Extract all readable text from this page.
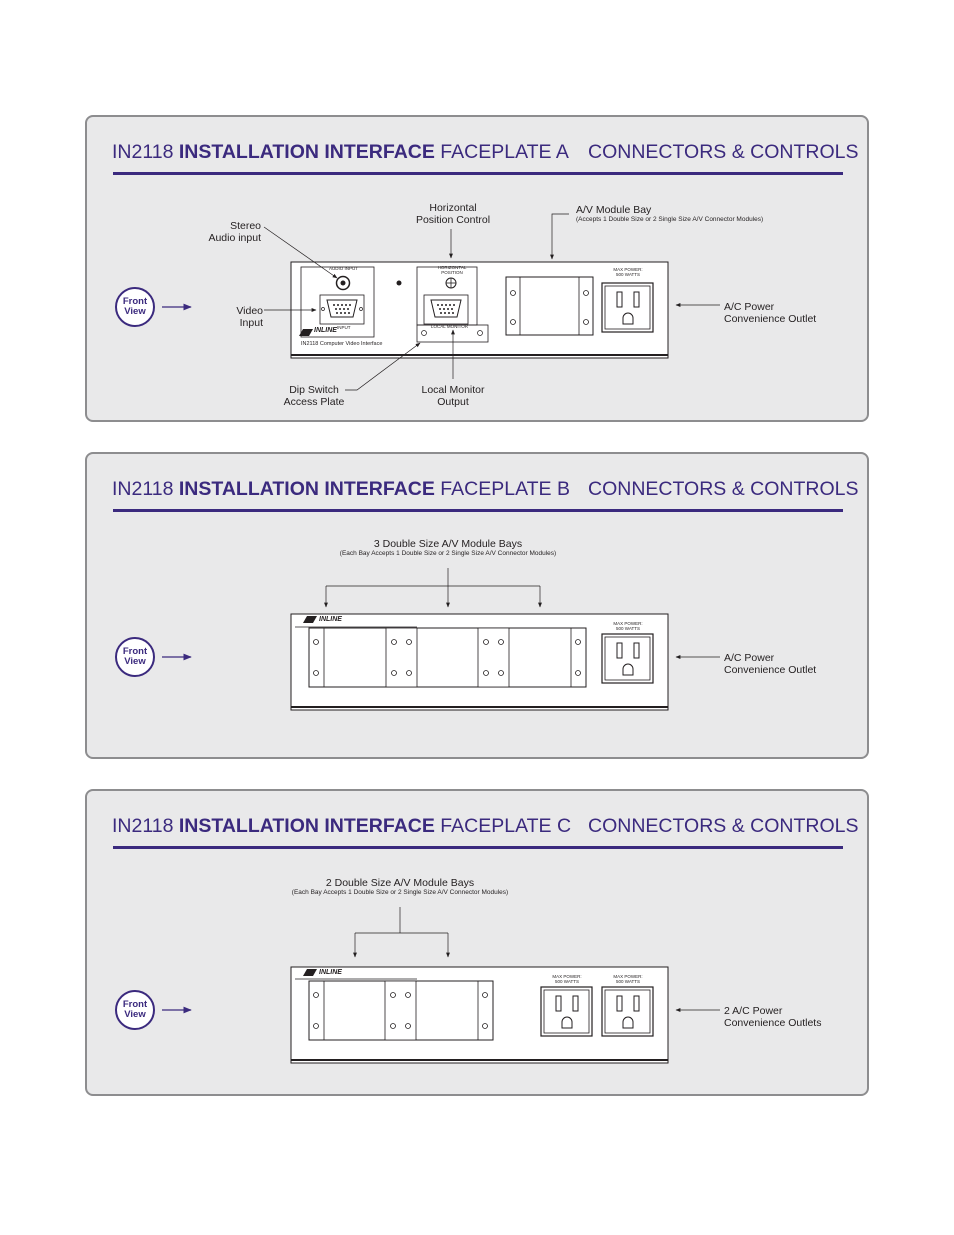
IN2118 INSTALLATION INTERFACE FACEPLATE A CONNECTORS & CONTROLS
Front
View
Stereo
Audio input
Horizontal
Position Control
A/V Module Bay
(Accepts 1 Double Size or 2 Single Size A/V Connector Modules)
Video
Input
A/C Power
Convenience Outlet
Dip Switch
Access Plate
Local Monitor
Output
AUDIO INPUT	HORIZONTAL
POSITION
INPUT	LOCAL MONITOR
INLINE
IN2118 Computer Video Interface
MAX POWER:
500 WATTS
IN2118 INSTALLATION INTERFACE FACEPLATE B CONNECTORS & CONTROLS
Front
View
3 Double Size A/V Module Bays
(Each Bay Accepts 1 Double Size or 2 Single Size A/V Connector Modules)
A/C Power
Convenience Outlet
INLINE
MAX POWER:
500 WATTS
IN2118 INSTALLATION INTERFACE FACEPLATE C CONNECTORS & CONTROLS
Front
View
2 Double Size A/V Module Bays
(Each Bay Accepts 1 Double Size or 2 Single Size A/V Connector Modules)
2 A/C Power
Convenience Outlets
INLINE
MAX POWER:
500 WATTS
MAX POWER:
500 WATTS
